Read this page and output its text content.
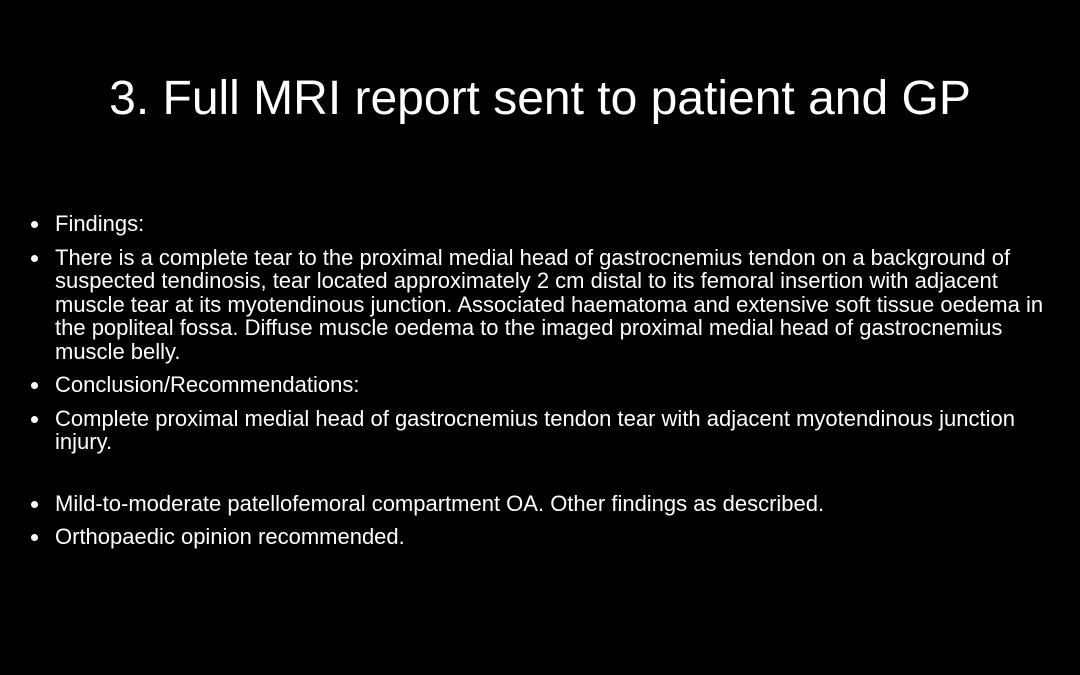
3. Full MRI report sent to patient and GP
Findings:
There is a complete tear to the proximal medial head of gastrocnemius tendon on a background of suspected tendinosis, tear located approximately 2 cm distal to its femoral insertion with adjacent muscle tear at its myotendinous junction. Associated haematoma and extensive soft tissue oedema in the popliteal fossa. Diffuse muscle oedema to the imaged proximal medial head of gastrocnemius muscle belly.
Conclusion/Recommendations:
Complete proximal medial head of gastrocnemius tendon tear with adjacent myotendinous junction injury.
Mild-to-moderate patellofemoral compartment OA. Other findings as described.
Orthopaedic opinion recommended.
